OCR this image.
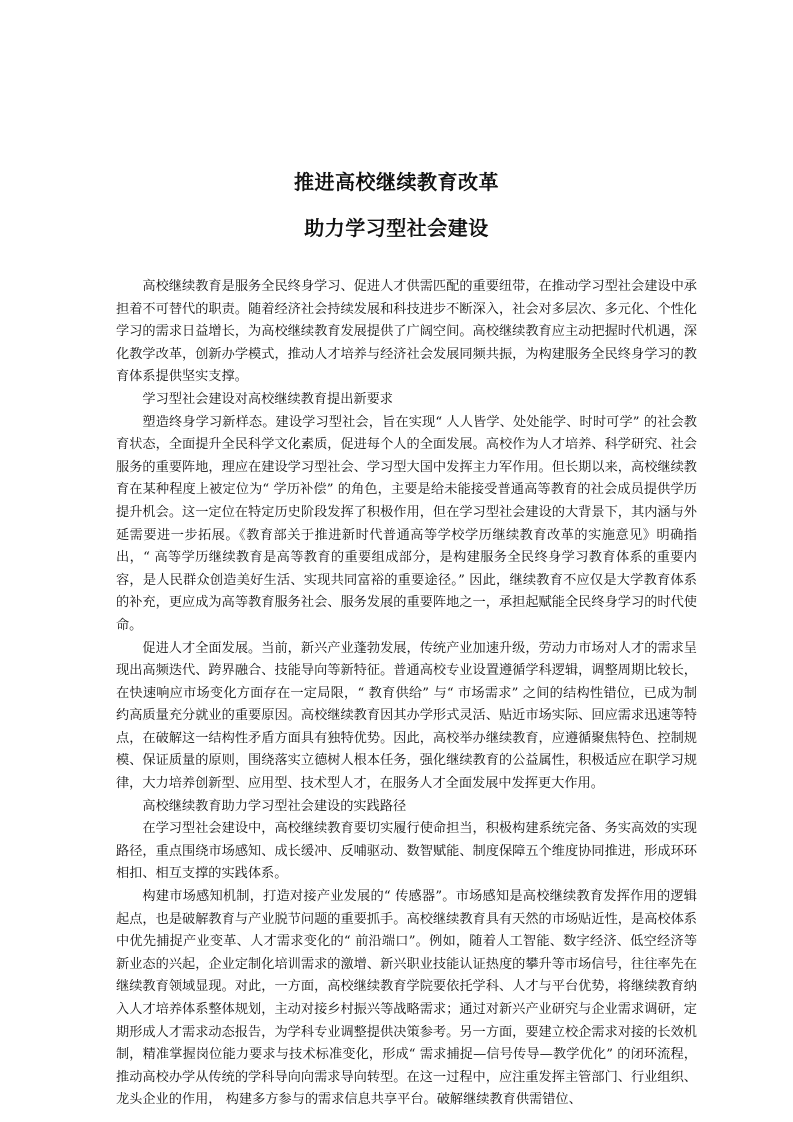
推进高校继续教育改革
助力学习型社会建设

高校继续教育是服务全民终身学习、促进人才供需匹配的重要纽带，在推动学习型社会建设中承担着不可替代的职责。随着经济社会持续发展和科技进步不断深入，社会对多层次、多元化、个性化学习的需求日益增长，为高校继续教育发展提供了广阔空间。高校继续教育应主动把握时代机遇，深化教学改革，创新办学模式，推动人才培养与经济社会发展同频共振，为构建服务全民终身学习的教育体系提供坚实支撑。

学习型社会建设对高校继续教育提出新要求

塑造终身学习新样态。建设学习型社会，旨在实现“ 人人皆学、处处能学、时时可学” 的社会教育状态，全面提升全民科学文化素质，促进每个人的全面发展。高校作为人才培养、科学研究、社会服务的重要阵地，理应在建设学习型社会、学习型大国中发挥主力军作用。但长期以来，高校继续教育在某种程度上被定位为“ 学历补偿” 的角色，主要是给未能接受普通高等教育的社会成员提供学历提升机会。这一定位在特定历史阶段发挥了积极作用，但在学习型社会建设的大背景下，其内涵与外延需要进一步拓展。《教育部关于推进新时代普通高等学校学历继续教育改革的实施意见》明确指出，“ 高等学历继续教育是高等教育的重要组成部分，是构建服务全民终身学习教育体系的重要内容，是人民群众创造美好生活、实现共同富裕的重要途径。” 因此，继续教育不应仅是大学教育体系的补充，更应成为高等教育服务社会、服务发展的重要阵地之一，承担起赋能全民终身学习的时代使命。

促进人才全面发展。当前，新兴产业蓬勃发展，传统产业加速升级，劳动力市场对人才的需求呈现出高频迭代、跨界融合、技能导向等新特征。普通高校专业设置遵循学科逻辑，调整周期比较长，在快速响应市场变化方面存在一定局限，“ 教育供给” 与“ 市场需求” 之间的结构性错位，已成为制约高质量充分就业的重要原因。高校继续教育因其办学形式灵活、贴近市场实际、回应需求迅速等特点，在破解这一结构性矛盾方面具有独特优势。因此，高校举办继续教育，应遵循聚焦特色、控制规模、保证质量的原则，围绕落实立德树人根本任务，强化继续教育的公益属性，积极适应在职学习规律，大力培养创新型、应用型、技术型人才，在服务人才全面发展中发挥更大作用。

高校继续教育助力学习型社会建设的实践路径

在学习型社会建设中，高校继续教育要切实履行使命担当，积极构建系统完备、务实高效的实现路径，重点围绕市场感知、成长缓冲、反哺驱动、数智赋能、制度保障五个维度协同推进，形成环环相扣、相互支撑的实践体系。

构建市场感知机制，打造对接产业发展的“ 传感器”。市场感知是高校继续教育发挥作用的逻辑起点，也是破解教育与产业脱节问题的重要抓手。高校继续教育具有天然的市场贴近性，是高校体系中优先捕捉产业变革、人才需求变化的“ 前沿端口”。例如，随着人工智能、数字经济、低空经济等新业态的兴起，企业定制化培训需求的激增、新兴职业技能认证热度的攀升等市场信号，往往率先在继续教育领域显现。对此，一方面，高校继续教育学院要依托学科、人才与平台优势，将继续教育纳入人才培养体系整体规划，主动对接乡村振兴等战略需求；通过对新兴产业研究与企业需求调研，定期形成人才需求动态报告，为学科专业调整提供决策参考。另一方面，要建立校企需求对接的长效机制，精准掌握岗位能力要求与技术标准变化，形成“ 需求捕捉—信号传导—教学优化” 的闭环流程，推动高校办学从传统的学科导向向需求导向转型。在这一过程中，应注重发挥主管部门、行业组织、 龙头企业的作用， 构建多方参与的需求信息共享平台。破解继续教育供需错位、
